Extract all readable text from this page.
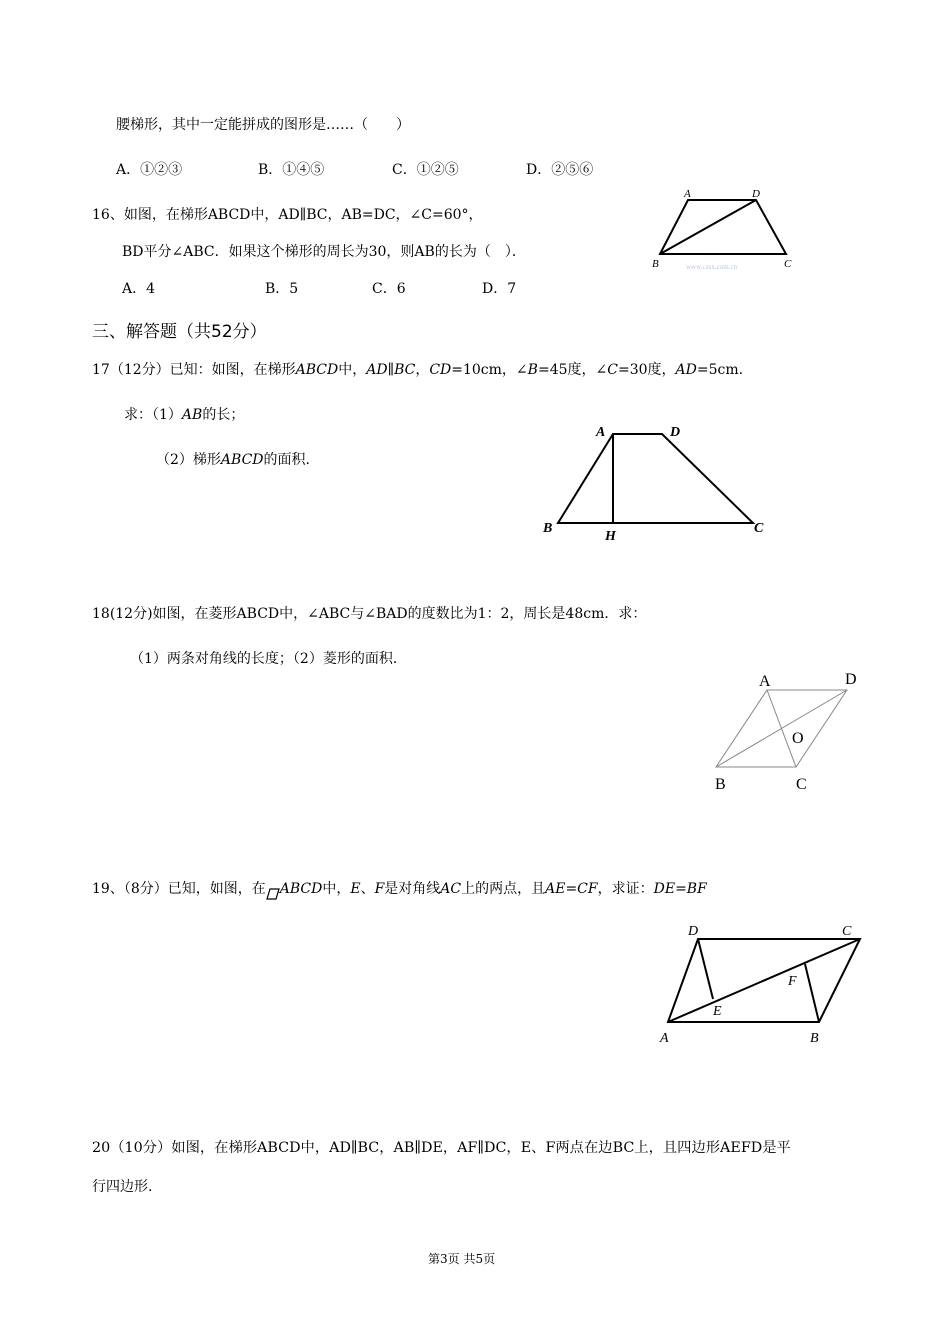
腰梯形，其中一定能拼成的图形是……（　　）
A．①②③	B．①④⑤	C．①②⑤	D．②⑤⑥
16、如图，在梯形ABCD中，AD∥BC，AB=DC，∠C=60°，
BD平分∠ABC．如果这个梯形的周长为30，则AB的长为（　）．
A．4	B．5	C．6	D．7
A	D
B	C
www.czsx.com.cn
三、解答题（共52分）
17（12分）已知：如图，在梯形ABCD中，AD∥BC，CD=10cm，∠B=45度，∠C=30度，AD=5cm.
求：（1）AB的长；
（2）梯形ABCD的面积.
A	D
B
H
C
18(12分)如图，在菱形ABCD中，∠ABC与∠BAD的度数比为1：2，周长是48cm．求：
（1）两条对角线的长度；（2）菱形的面积．
A	D
O
B	C
19、（8分）已知，如图，在 ABCD中，E、F是对角线AC上的两点，且AE=CF，求证：DE=BF
D	C
F
E
A	B
20（10分）如图，在梯形ABCD中，AD∥BC，AB∥DE，AF∥DC，E、F两点在边BC上，且四边形AEFD是平
行四边形.
第3页 共5页
